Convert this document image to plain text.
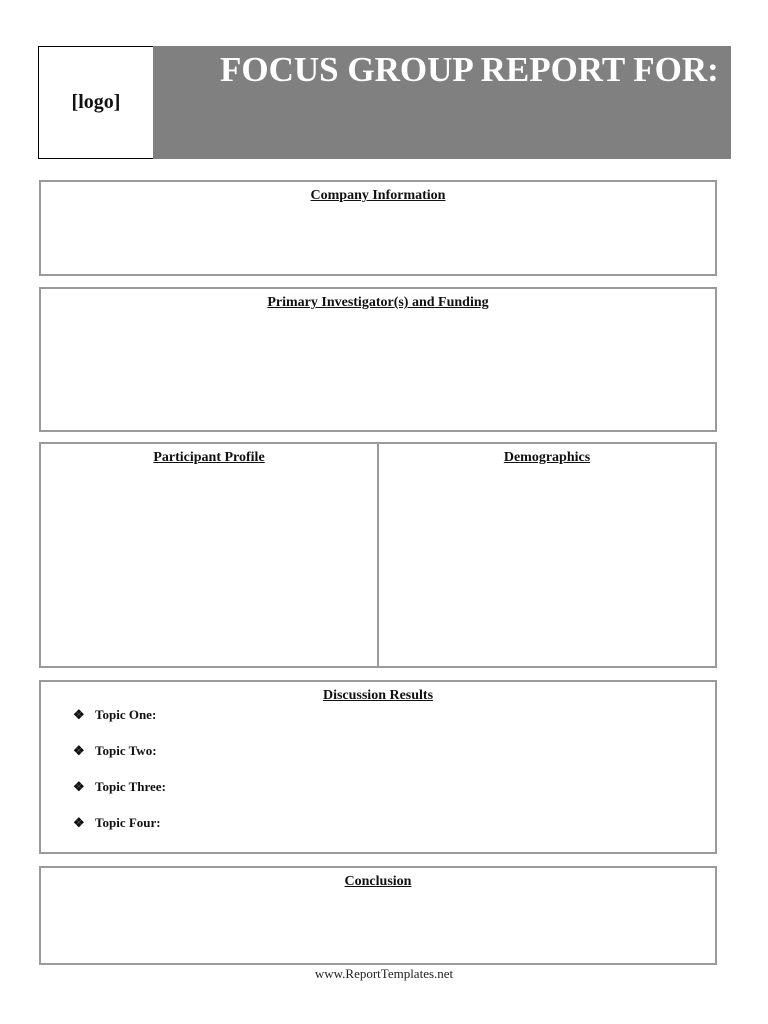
[logo]
FOCUS GROUP REPORT FOR:
Company Information
Primary Investigator(s) and Funding
Participant Profile	Demographics
Discussion Results
❖ Topic One:
❖ Topic Two:
❖ Topic Three:
❖ Topic Four:
Conclusion
www.ReportTemplates.net
